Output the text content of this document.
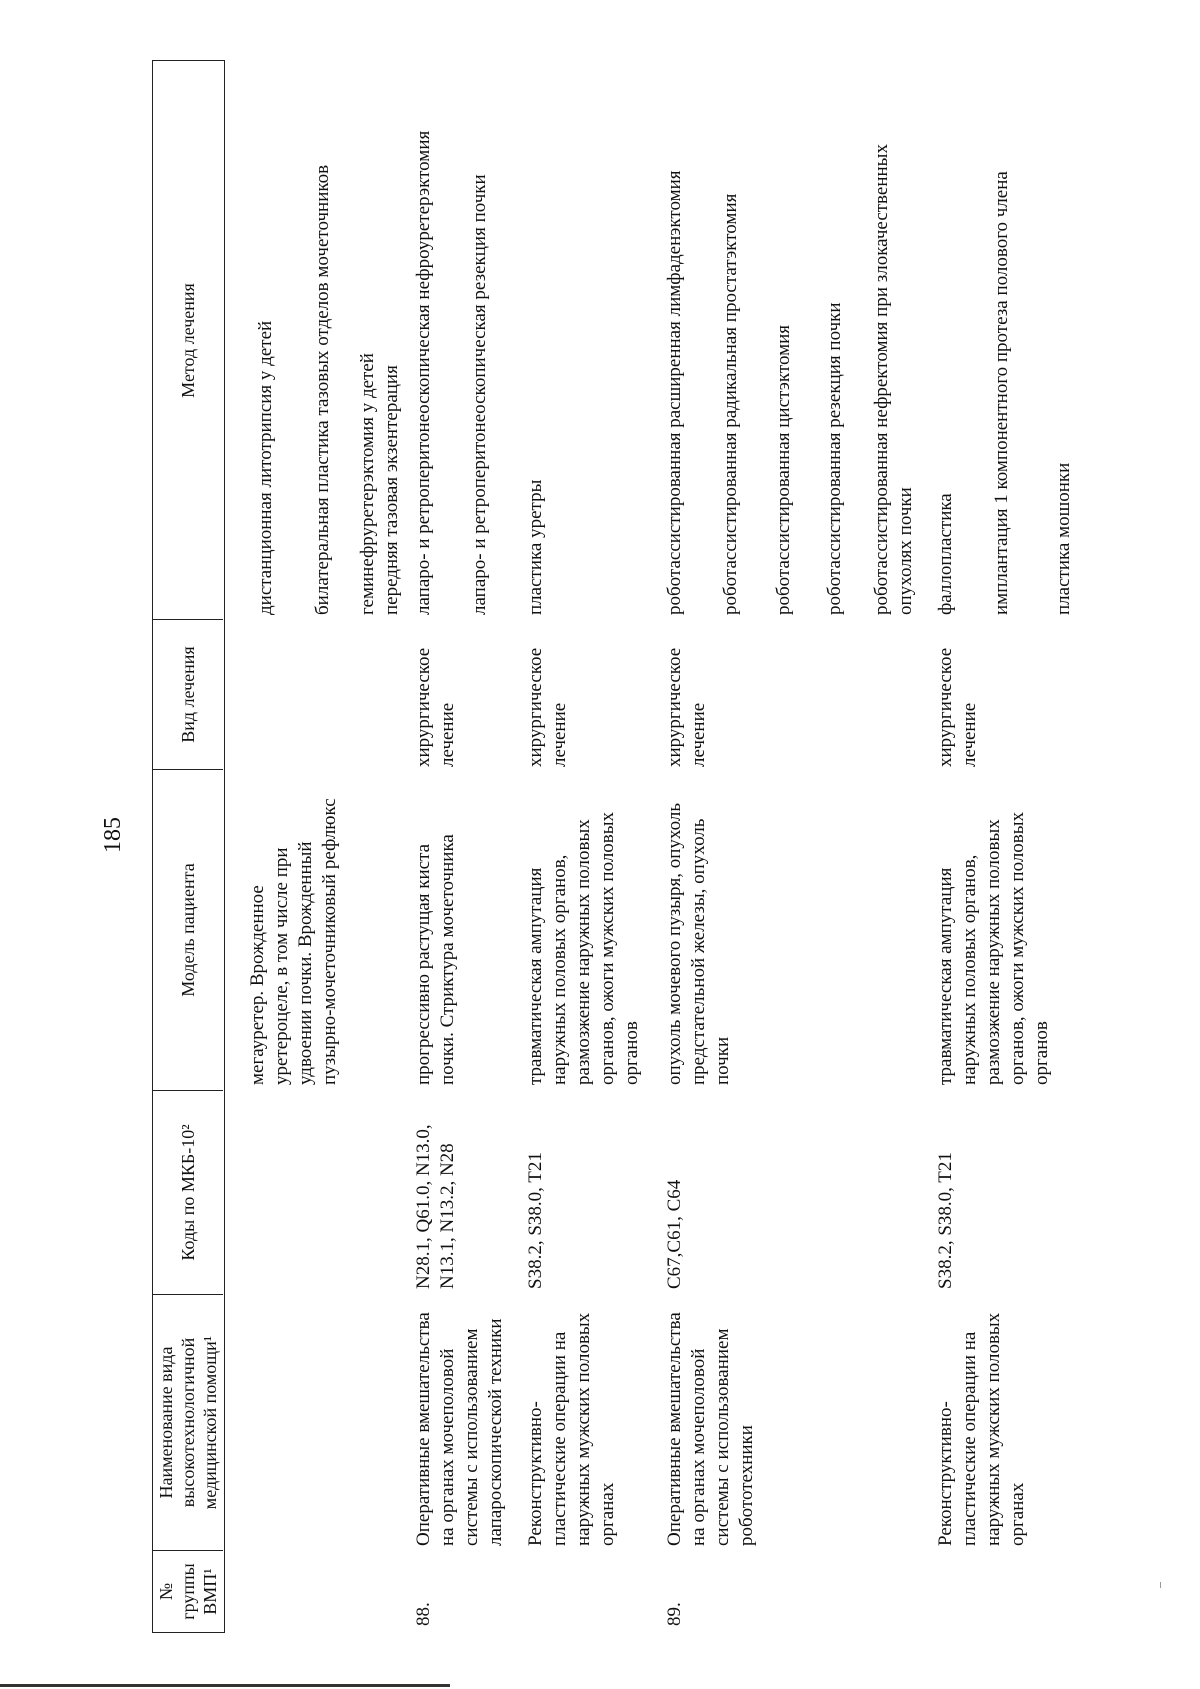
185
№
группы
ВМП¹
Наименование вида
высокотехнологичной
медицинской помощи¹
Коды по МКБ-10²
Модель пациента
Вид лечения
Метод лечения
мегауретер. Врожденное
уретероцеле, в том числе при
удвоении почки. Врожденный
пузырно-мочеточниковый рефлюкс
дистанционная литотрипсия у детей билатеральная пластика тазовых отделов мочеточников геминефруретерэктомия у детей
передняя тазовая экзентерация
88.
Оперативные вмешательства
на органах мочеполовой
системы с использованием
лапароскопической техники
N28.1, Q61.0, N13.0,
N13.1, N13.2, N28
прогрессивно растущая киста
почки. Стриктура мочеточника
хирургическое
лечение
лапаро- и ретроперитонеоскопическая нефроуретерэктомия лапаро- и ретроперитонеоскопическая резекция почки
Реконструктивно-
пластические операции на
наружных мужских половых
органах
S38.2, S38.0, T21
травматическая ампутация
наружных половых органов,
размозжение наружных половых
органов, ожоги мужских половых
органов
хирургическое
лечение
пластика уретры
89.
Оперативные вмешательства
на органах мочеполовой
системы с использованием
робототехники
C67,C61, C64
опухоль мочевого пузыря, опухоль
предстательной железы, опухоль
почки
хирургическое
лечение
роботассистированная расширенная лимфаденэктомия роботассистированная радикальная простатэктомия роботассистированная цистэктомия роботассистированная резекция почки роботассистированная нефректомия при злокачественных
опухолях почки
Реконструктивно-
пластические операции на
наружных мужских половых
органах
S38.2, S38.0, T21
травматическая ампутация
наружных половых органов,
размозжение наружных половых
органов, ожоги мужских половых
органов
хирургическое
лечение
фаллопластика имплантация 1 компонентного протеза полового члена пластика мошонки
